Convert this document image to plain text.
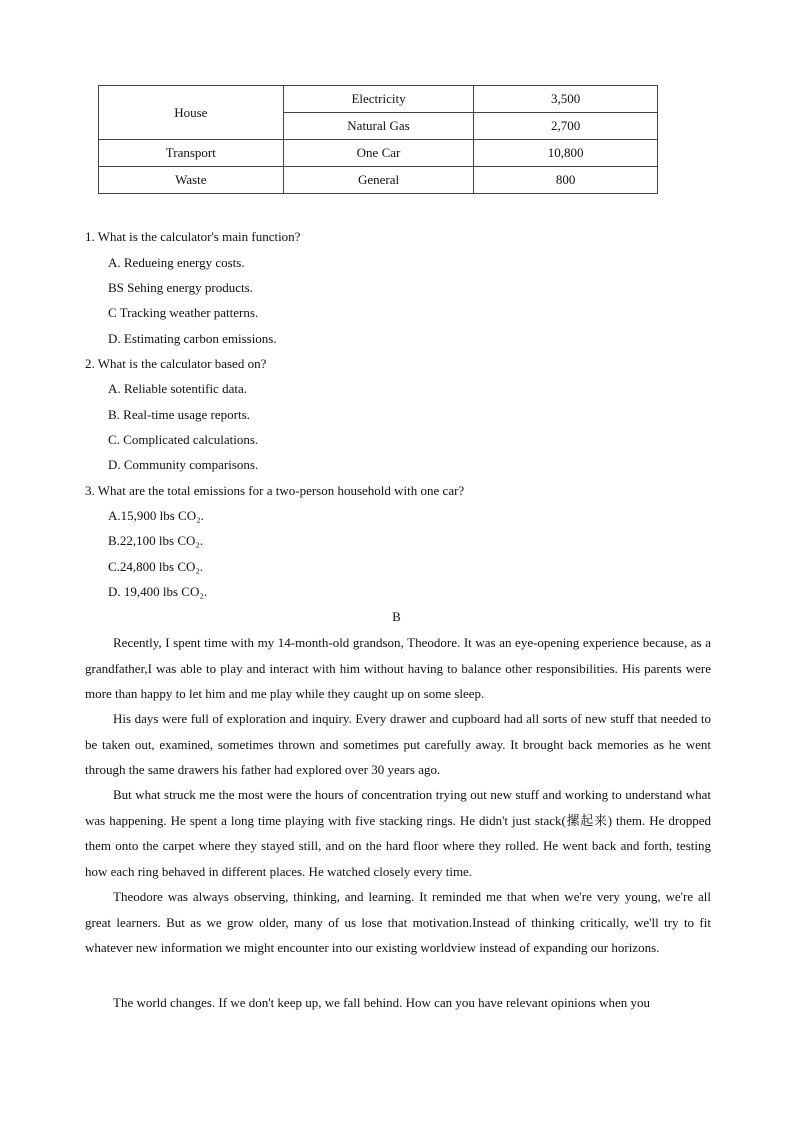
House	Electricity	3,500
	Natural Gas	2,700
Transport	One Car	10,800
Waste	General	800
1. What is the calculator's main function?
A. Redueing energy costs.
BS Sehing energy products.
C Tracking weather patterns.
D. Estimating carbon emissions.
2. What is the calculator based on?
A. Reliable sotentific data.
B. Real-time usage reports.
C. Complicated calculations.
D. Community comparisons.
3. What are the total emissions for a two-person household with one car?
A.15,900 lbs CO₂.
B.22,100 lbs CO₂.
C.24,800 lbs CO₂.
D. 19,400 lbs CO₂.
B

Recently, I spent time with my 14-month-old grandson, Theodore. It was an eye-opening experience because, as a grandfather,I was able to play and interact with him without having to balance other responsibilities. His parents were more than happy to let him and me play while they caught up on some sleep.

His days were full of exploration and inquiry. Every drawer and cupboard had all sorts of new stuff that needed to be taken out, examined, sometimes thrown and sometimes put carefully away. It brought back memories as he went through the same drawers his father had explored over 30 years ago.

But what struck me the most were the hours of concentration trying out new stuff and working to understand what was happening. He spent a long time playing with five stacking rings. He didn't just stack(摞起来) them. He dropped them onto the carpet where they stayed still, and on the hard floor where they rolled. He went back and forth, testing how each ring behaved in different places. He watched closely every time.

Theodore was always observing, thinking, and learning. It reminded me that when we're very young, we're all great learners. But as we grow older, many of us lose that motivation.Instead of thinking critically, we'll try to fit whatever new information we might encounter into our existing worldview instead of expanding our horizons.

The world changes. If we don't keep up, we fall behind. How can you have relevant opinions when you
